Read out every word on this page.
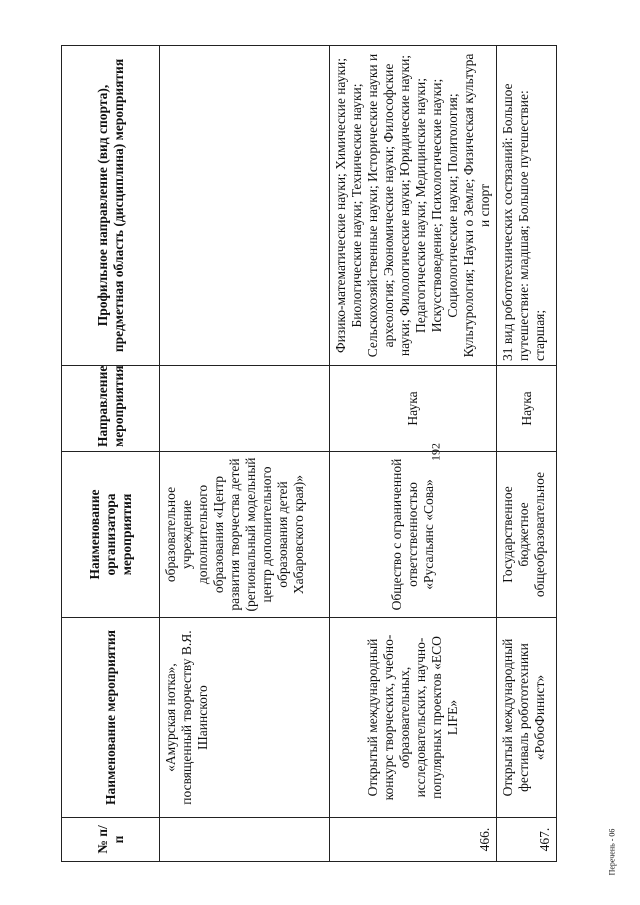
192
№ п/п	Наименование мероприятия	Наименование организатора мероприятия	Направление мероприятия	Профильное направление (вид спорта), предметная область (дисциплина) мероприятия
	«Амурская нотка», посвященный творчеству В.Я. Шаинского	образовательное учреждение дополнительного образования «Центр развития творчества детей (региональный модельный центр дополнительного образования детей Хабаровского края)»		
466.	Открытый международный конкурс творческих, учебно-образовательных, исследовательских, научно-популярных проектов «ECO LIFE»	Общество с ограниченной ответственностью «Русальянс «Сова»	Наука	Физико-математические науки; Химические науки; Биологические науки; Технические науки; Сельскохозяйственные науки; Исторические науки и археология; Экономические науки; Философские науки; Филологические науки; Юридические науки; Педагогические науки; Медицинские науки; Искусствоведение; Психологические науки; Социологические науки; Политология; Культурология; Науки о Земле; Физическая культура и спорт
467.	Открытый международный фестиваль робототехники «РобоФинист»	Государственное бюджетное общеобразовательное	Наука	31 вид робототехнических состязаний: Большое путешествие: младшая; Большое путешествие: старшая;
Перечень - 06
